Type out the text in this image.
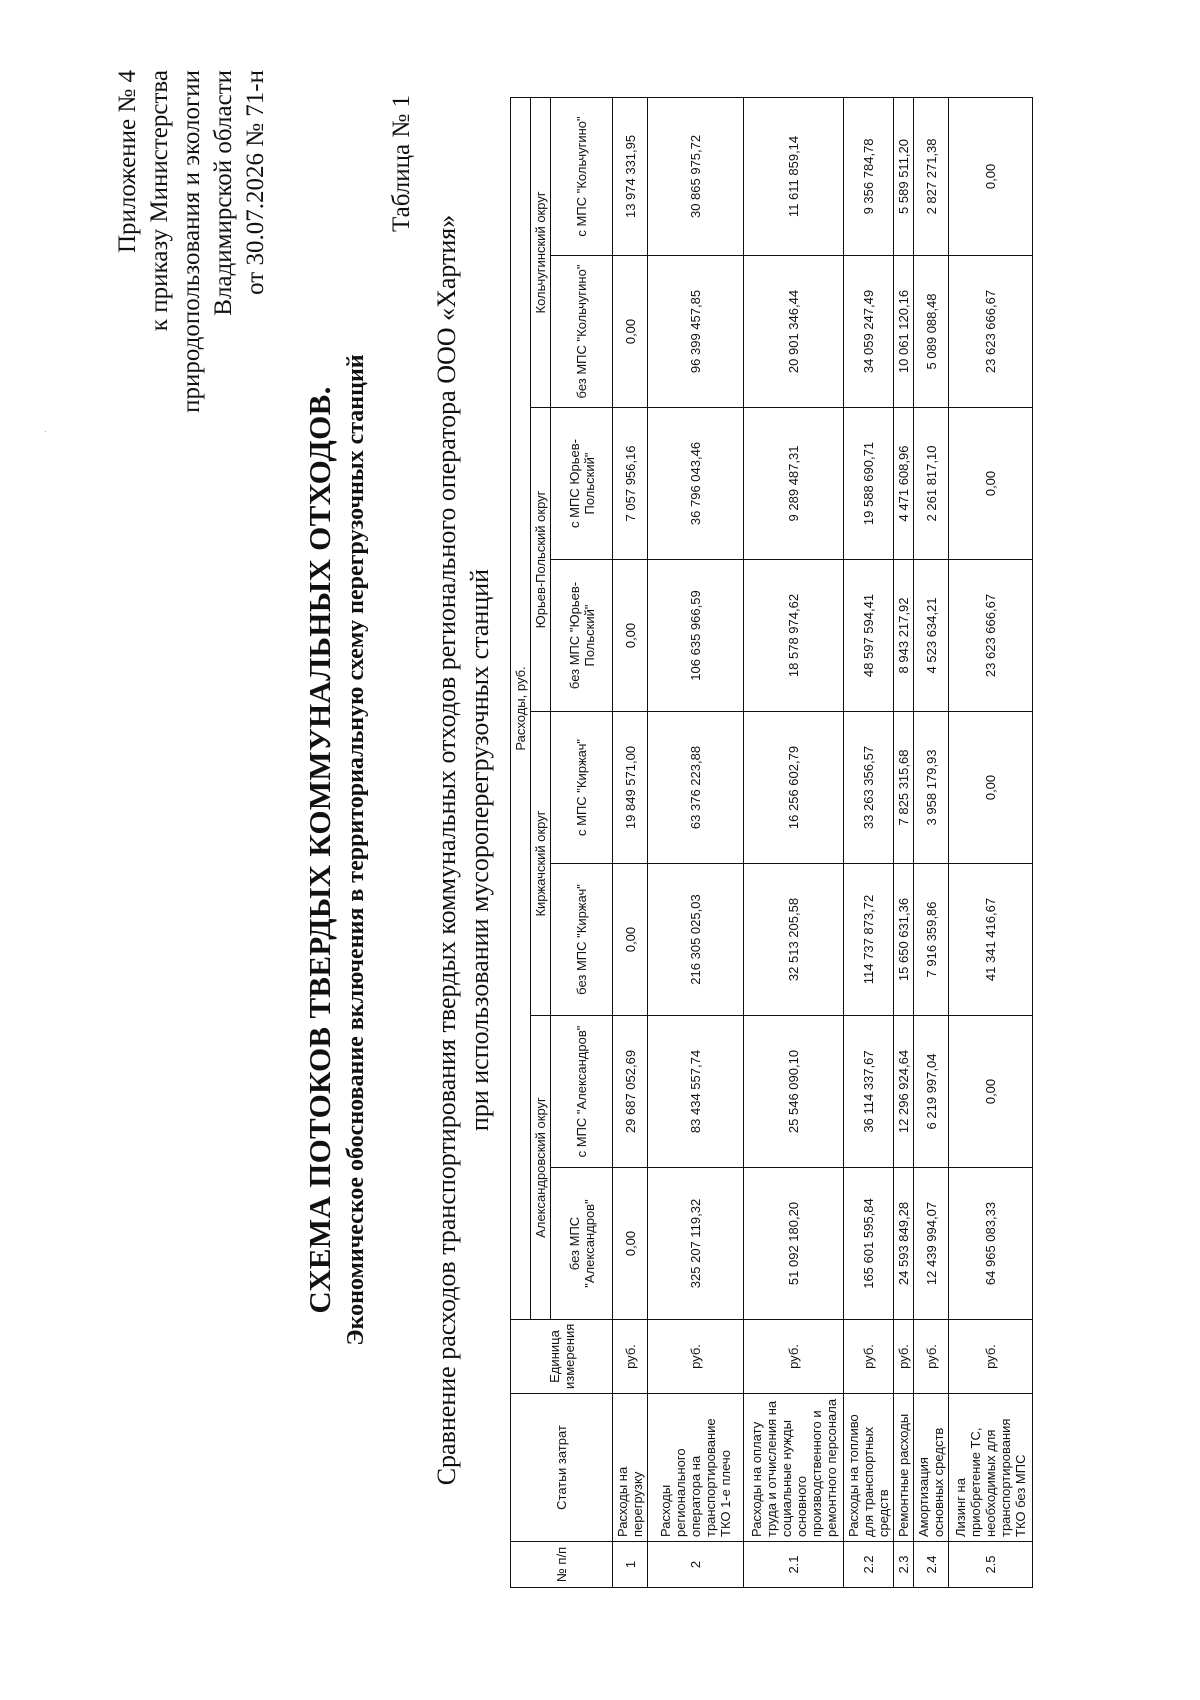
Приложение № 4 к приказу Министерства природопользования и экологии Владимирской области от 30.07.2026 № 71-н
СХЕМА ПОТОКОВ ТВЕРДЫХ КОММУНАЛЬНЫХ ОТХОДОВ. Экономическое обоснование включения в территориальную схему перегрузочных станций
Таблица № 1
Сравнение расходов транспортирования твердых коммунальных отходов регионального оператора ООО «Хартия» при использовании мусороперегрузочных станций
№ п/п	Статьи затрат	Единица измерения	Расходы, руб.							
			Александровский округ		Киржачский округ		Юрьев-Польский округ		Кольчугинский округ	
			без МПС "Александров"	с МПС "Александров"	без МПС "Киржач"	с МПС "Киржач"	без МПС "Юрьев-Польский"	с МПС Юрьев-Польский"	без МПС "Кольчугино"	с МПС "Кольчугино"
1	Расходы на перегрузку	руб.	0,00	29 687 052,69	0,00	19 849 571,00	0,00	7 057 956,16	0,00	13 974 331,95
2	Расходы регионального оператора на транспортирование ТКО 1-е плечо	руб.	325 207 119,32	83 434 557,74	216 305 025,03	63 376 223,88	106 635 966,59	36 796 043,46	96 399 457,85	30 865 975,72
2.1	Расходы на оплату труда и отчисления на социальные нужды основного производственного и ремонтного персонала	руб.	51 092 180,20	25 546 090,10	32 513 205,58	16 256 602,79	18 578 974,62	9 289 487,31	20 901 346,44	11 611 859,14
2.2	Расходы на топливо для транспортных средств	руб.	165 601 595,84	36 114 337,67	114 737 873,72	33 263 356,57	48 597 594,41	19 588 690,71	34 059 247,49	9 356 784,78
2.3	Ремонтные расходы	руб.	24 593 849,28	12 296 924,64	15 650 631,36	7 825 315,68	8 943 217,92	4 471 608,96	10 061 120,16	5 589 511,20
2.4	Амортизация основных средств	руб.	12 439 994,07	6 219 997,04	7 916 359,86	3 958 179,93	4 523 634,21	2 261 817,10	5 089 088,48	2 827 271,38
2.5	Лизинг на приобретение ТС, необходимых для транспортирования ТКО без МПС	руб.	64 965 083,33	0,00	41 341 416,67	0,00	23 623 666,67	0,00	23 623 666,67	0,00
